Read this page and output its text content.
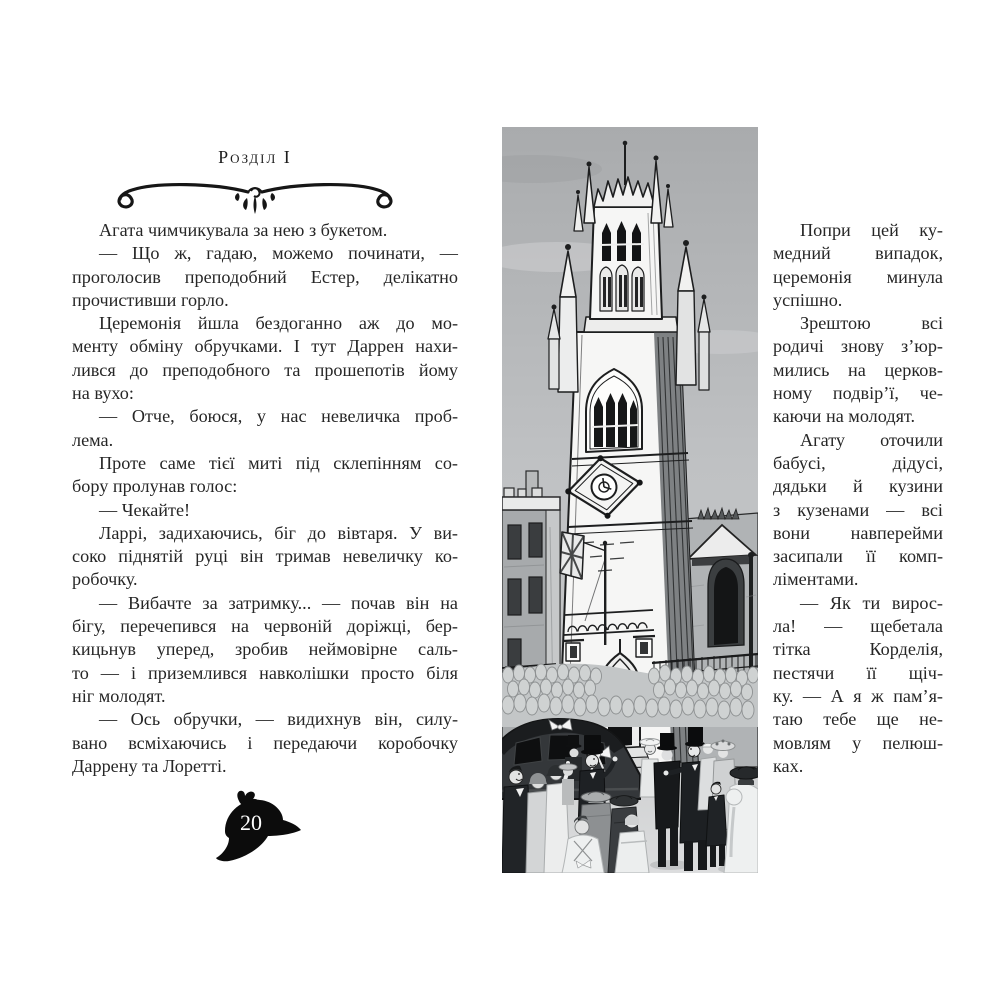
Розділ І
Агата чимчикувала за нею з букетом.
— Що ж, гадаю, можемо починати, —
проголосив преподобний Естер, делікатно
прочистивши горло.
Церемонія йшла бездоганно аж до мо-
менту обміну обручками. І тут Даррен нахи-
лився до преподобного та прошепотів йому
на вухо:
— Отче, боюся, у нас невеличка проб-
лема.
Проте саме тієї миті під склепінням со-
бору пролунав голос:
— Чекайте!
Ларрі, задихаючись, біг до вівтаря. У ви-
соко піднятій руці він тримав невеличку ко-
робочку.
— Вибачте за затримку... — почав він на
бігу, перечепився на червоній доріжці, бер-
кицьнув уперед, зробив неймовірне саль-
то — і приземлився навколішки просто біля
ніг молодят.
— Ось обручки, — видихнув він, силу-
вано всміхаючись і передаючи коробочку
Даррену та Лоретті.
Попри цей ку-
медний випадок,
церемонія минула
успішно.
Зрештою всі
родичі знову з’юр-
мились на церков-
ному подвір’ї, че-
каючи на молодят.
Агату оточили
бабусі, дідусі,
дядьки й кузини
з кузенами — всі
вони навперейми
засипали її комп-
ліментами.
— Як ти вирос-
ла! — щебетала
тітка Корделія,
пестячи її щіч-
ку. — А я ж пам’я-
таю тебе ще не-
мовлям у пелюш-
ках.
20
